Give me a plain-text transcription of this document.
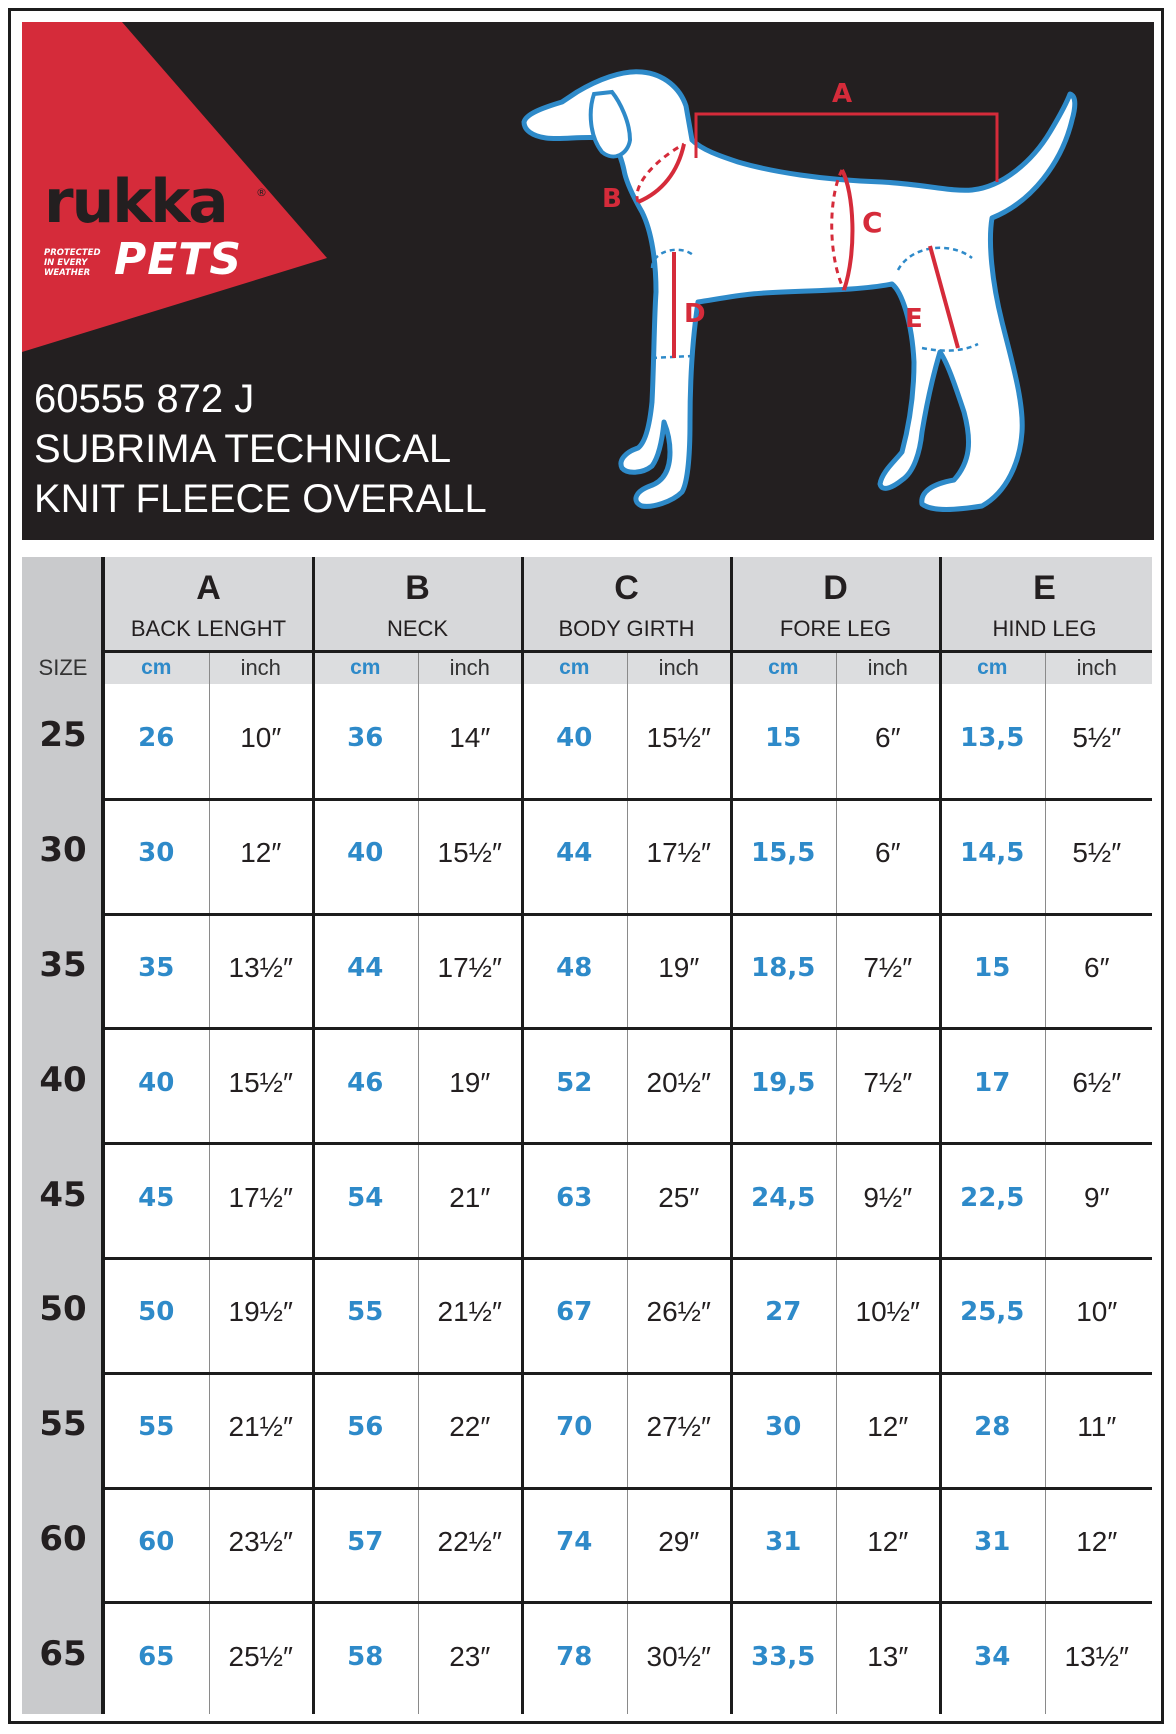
rukka	®
PROTECTED
IN EVERY
WEATHER PETS
60555 872 J
SUBRIMA TECHNICAL
KNIT FLEECE OVERALL
A
B
C
D	E
SIZE
A
BACK LENGHT
cm	inch
B
NECK
cm	inch
C
BODY GIRTH
cm	inch
D
FORE LEG
cm	inch
E
HIND LEG
cm	inch
25	26	10″	36	14″	40	15½″	15	6″	13,5	5½″
30	30	12″	40	15½″	44	17½″	15,5	6″	14,5	5½″
35	35	13½″	44	17½″	48	19″	18,5	7½″	15	6″
40	40	15½″	46	19″	52	20½″	19,5	7½″	17	6½″
45	45	17½″	54	21″	63	25″	24,5	9½″	22,5	9″
50	50	19½″	55	21½″	67	26½″	27	10½″	25,5	10″
55	55	21½″	56	22″	70	27½″	30	12″	28	11″
60	60	23½″	57	22½″	74	29″	31	12″	31	12″
65	65	25½″	58	23″	78	30½″	33,5	13″	34	13½″
